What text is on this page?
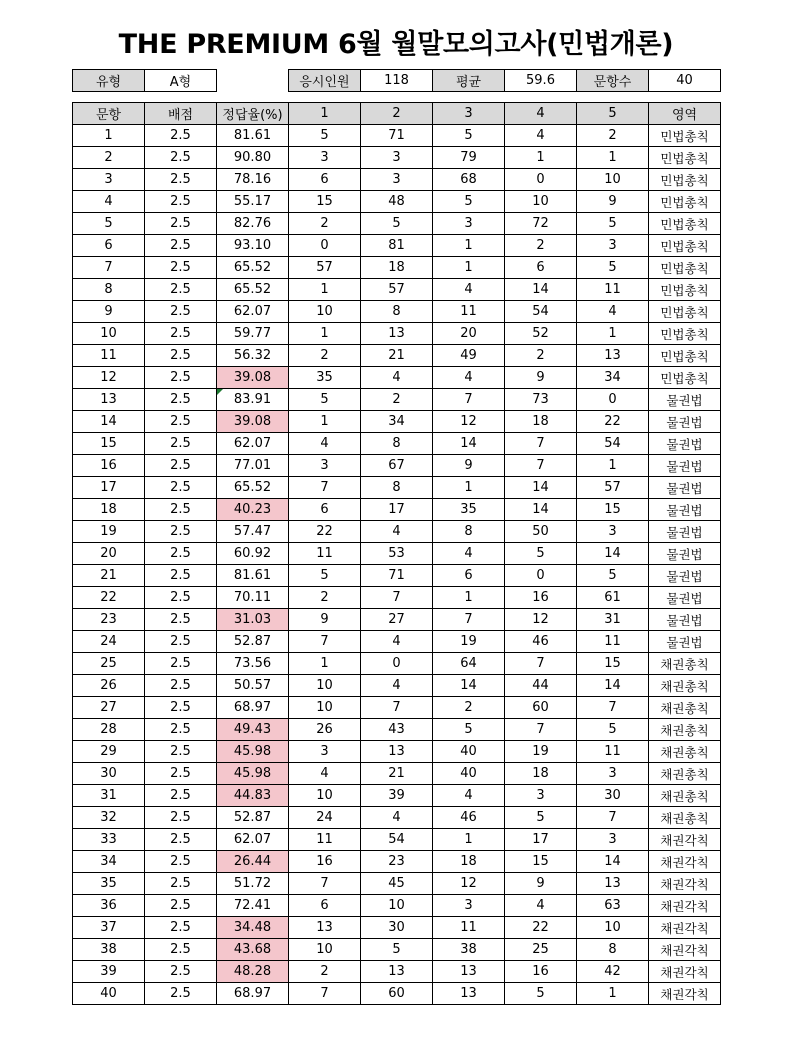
THE PREMIUM 6월 월말모의고사(민법개론)
유형	A형		응시인원	118	평균	59.6	문항수	40
문항	배점	정답율(%)	1	2	3	4	5	영역
1	2.5	81.61	5	71	5	4	2	민법총칙
2	2.5	90.80	3	3	79	1	1	민법총칙
3	2.5	78.16	6	3	68	0	10	민법총칙
4	2.5	55.17	15	48	5	10	9	민법총칙
5	2.5	82.76	2	5	3	72	5	민법총칙
6	2.5	93.10	0	81	1	2	3	민법총칙
7	2.5	65.52	57	18	1	6	5	민법총칙
8	2.5	65.52	1	57	4	14	11	민법총칙
9	2.5	62.07	10	8	11	54	4	민법총칙
10	2.5	59.77	1	13	20	52	1	민법총칙
11	2.5	56.32	2	21	49	2	13	민법총칙
12	2.5	39.08	35	4	4	9	34	민법총칙
13	2.5	83.91	5	2	7	73	0	물권법
14	2.5	39.08	1	34	12	18	22	물권법
15	2.5	62.07	4	8	14	7	54	물권법
16	2.5	77.01	3	67	9	7	1	물권법
17	2.5	65.52	7	8	1	14	57	물권법
18	2.5	40.23	6	17	35	14	15	물권법
19	2.5	57.47	22	4	8	50	3	물권법
20	2.5	60.92	11	53	4	5	14	물권법
21	2.5	81.61	5	71	6	0	5	물권법
22	2.5	70.11	2	7	1	16	61	물권법
23	2.5	31.03	9	27	7	12	31	물권법
24	2.5	52.87	7	4	19	46	11	물권법
25	2.5	73.56	1	0	64	7	15	채권총칙
26	2.5	50.57	10	4	14	44	14	채권총칙
27	2.5	68.97	10	7	2	60	7	채권총칙
28	2.5	49.43	26	43	5	7	5	채권총칙
29	2.5	45.98	3	13	40	19	11	채권총칙
30	2.5	45.98	4	21	40	18	3	채권총칙
31	2.5	44.83	10	39	4	3	30	채권총칙
32	2.5	52.87	24	4	46	5	7	채권총칙
33	2.5	62.07	11	54	1	17	3	채권각칙
34	2.5	26.44	16	23	18	15	14	채권각칙
35	2.5	51.72	7	45	12	9	13	채권각칙
36	2.5	72.41	6	10	3	4	63	채권각칙
37	2.5	34.48	13	30	11	22	10	채권각칙
38	2.5	43.68	10	5	38	25	8	채권각칙
39	2.5	48.28	2	13	13	16	42	채권각칙
40	2.5	68.97	7	60	13	5	1	채권각칙
